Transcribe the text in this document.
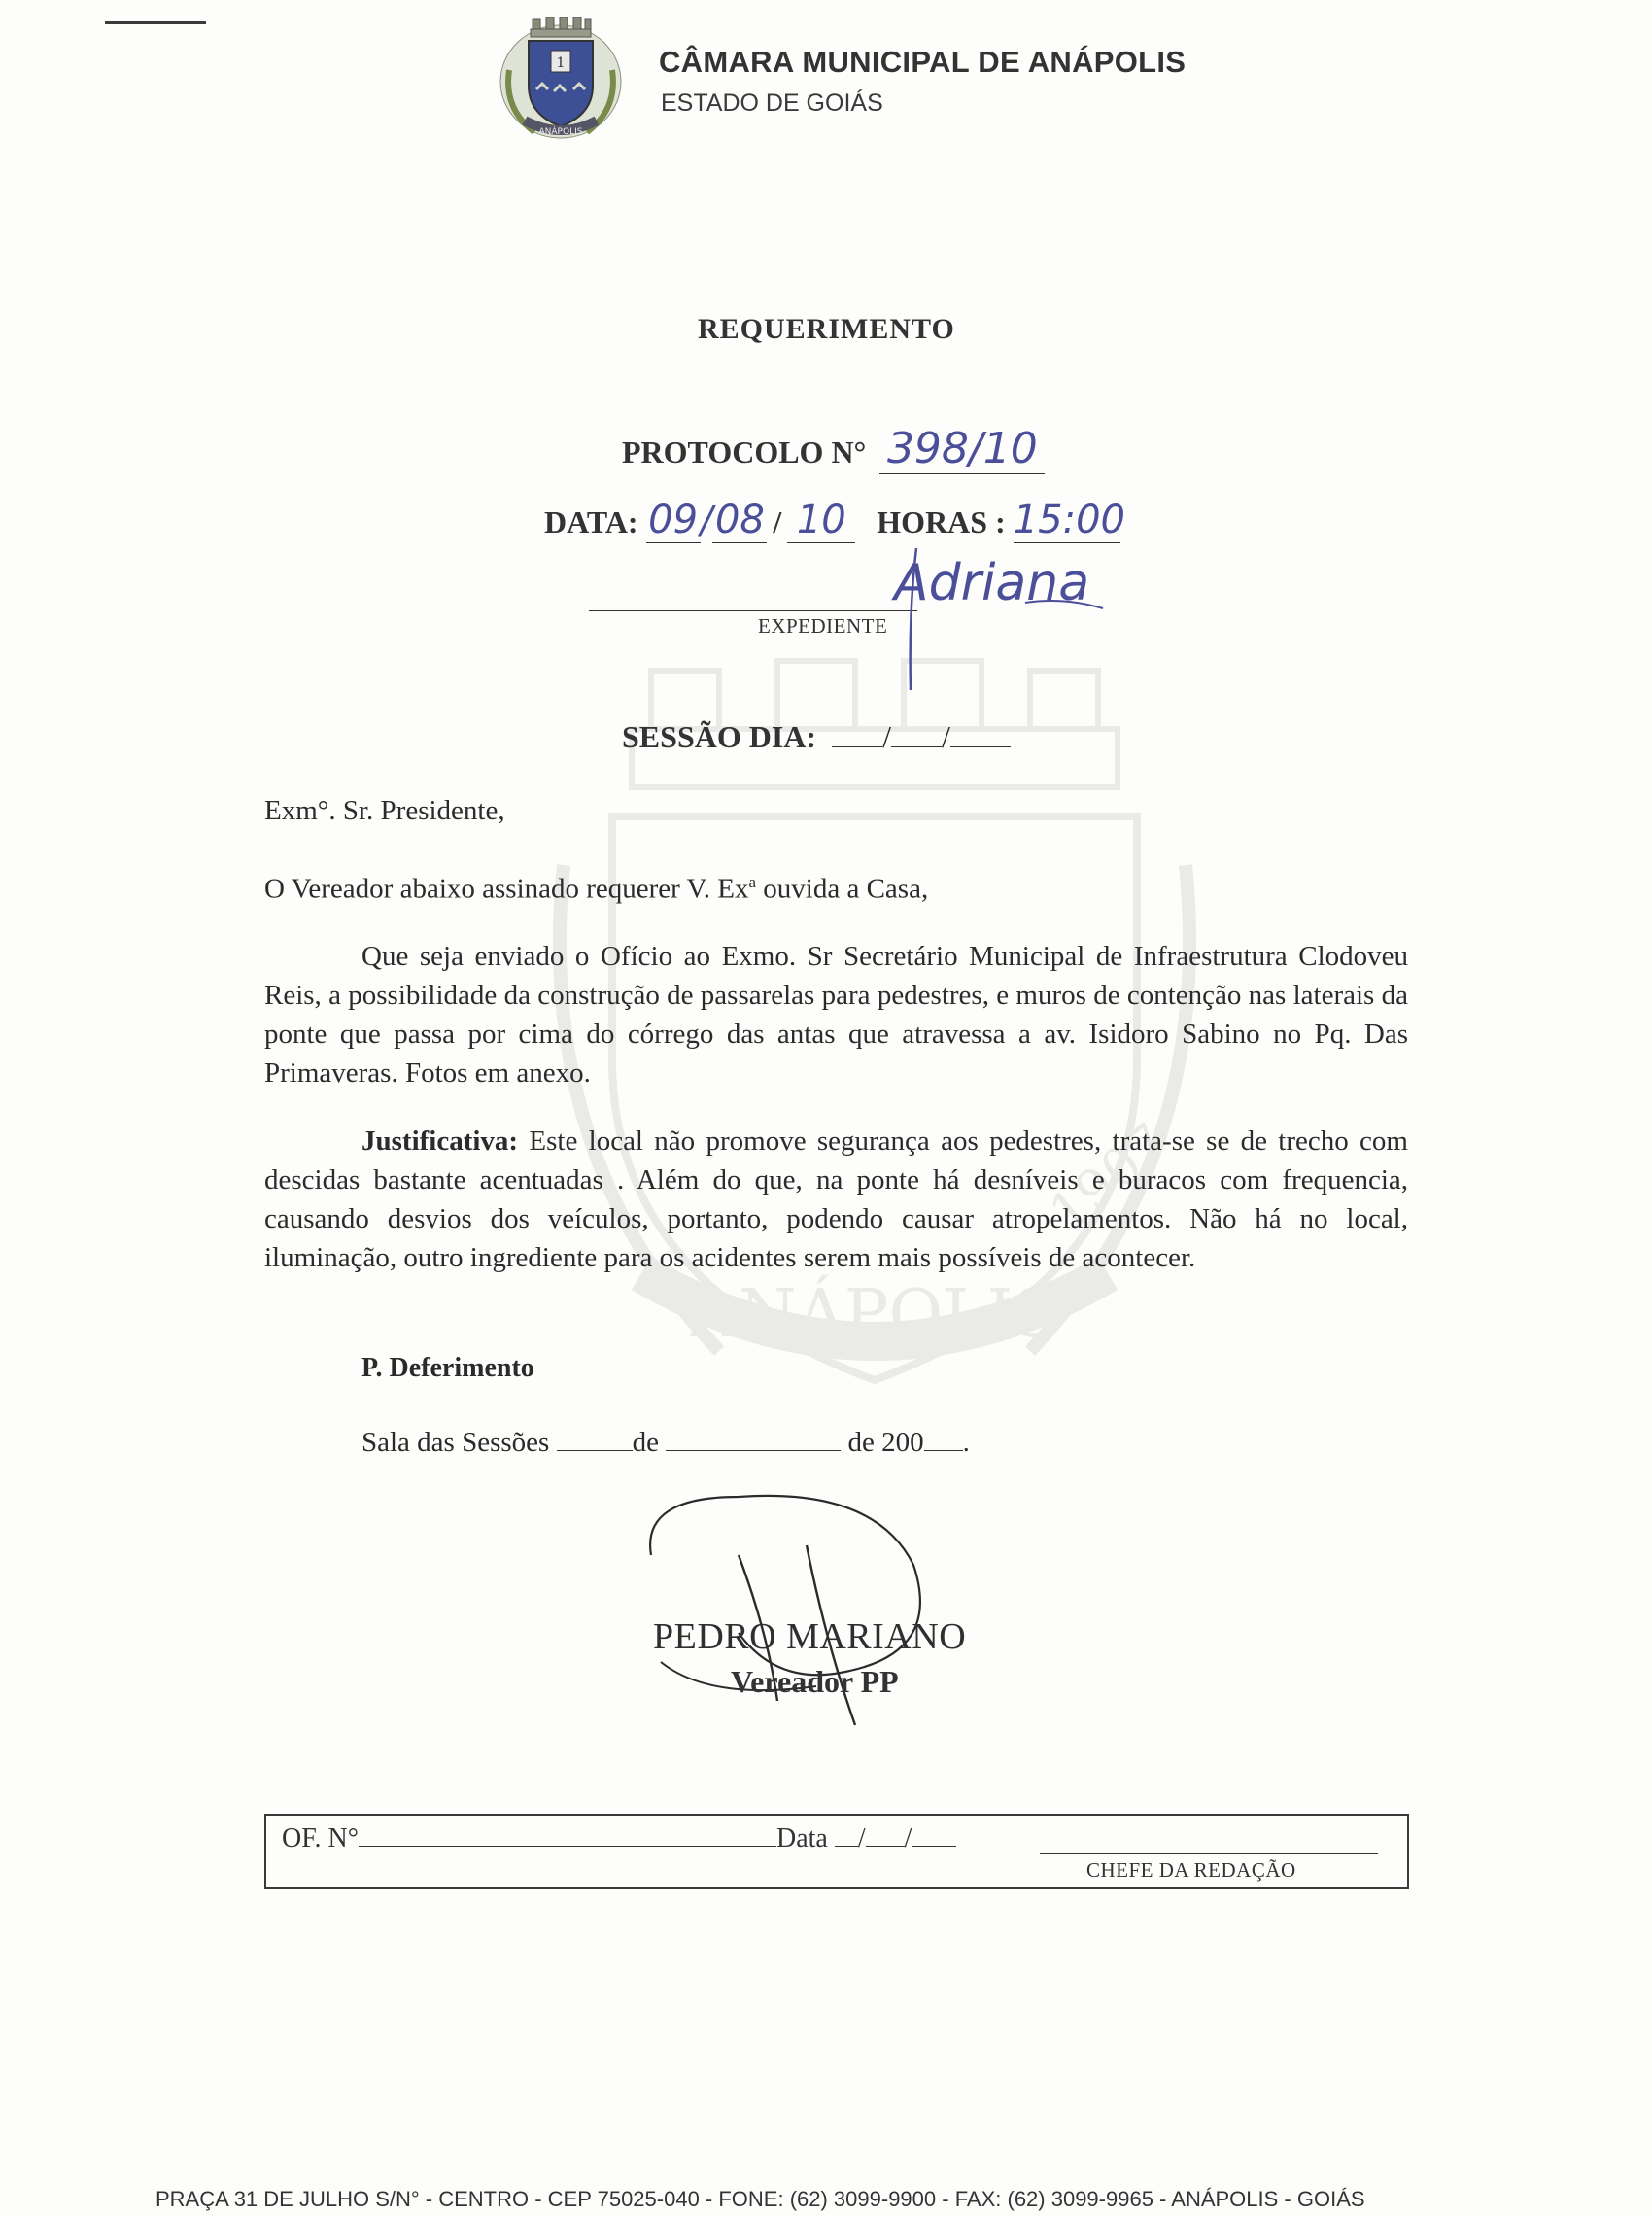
1
ANÁPOLIS
CÂMARA MUNICIPAL DE ANÁPOLIS
ESTADO DE GOIÁS
ANÁPOLIS
1907
REQUERIMENTO
PROTOCOLO N° 398/10
DATA: 09/08 / 10 HORAS : 15:00
EXPEDIENTE
Adriana
SESSÃO DIA: / /
Exm°. Sr. Presidente,
O Vereador abaixo assinado requerer V. Ex$^a$ ouvida a Casa,
Que seja enviado o Ofício ao Exmo. Sr Secretário Municipal de Infraestrutura Clodoveu Reis, a possibilidade da construção de passarelas para pedestres, e muros de contenção nas laterais da ponte que passa por cima do córrego das antas que atravessa a av. Isidoro Sabino no Pq. Das Primaveras. Fotos em anexo.
Justificativa: Este local não promove segurança aos pedestres, trata-se se de trecho com descidas bastante acentuadas . Além do que, na ponte há desníveis e buracos com frequencia, causando desvios dos veículos, portanto, podendo causar atropelamentos. Não há no local, iluminação, outro ingrediente para os acidentes serem mais possíveis de acontecer.
P. Deferimento
Sala das Sessões	de	de 200 .
PEDRO MARIANO
Vereador PP
OF. N°	Data / /
CHEFE DA REDAÇÃO
PRAÇA 31 DE JULHO S/N° - CENTRO - CEP 75025-040 - FONE: (62) 3099-9900 - FAX: (62) 3099-9965 - ANÁPOLIS - GOIÁS
